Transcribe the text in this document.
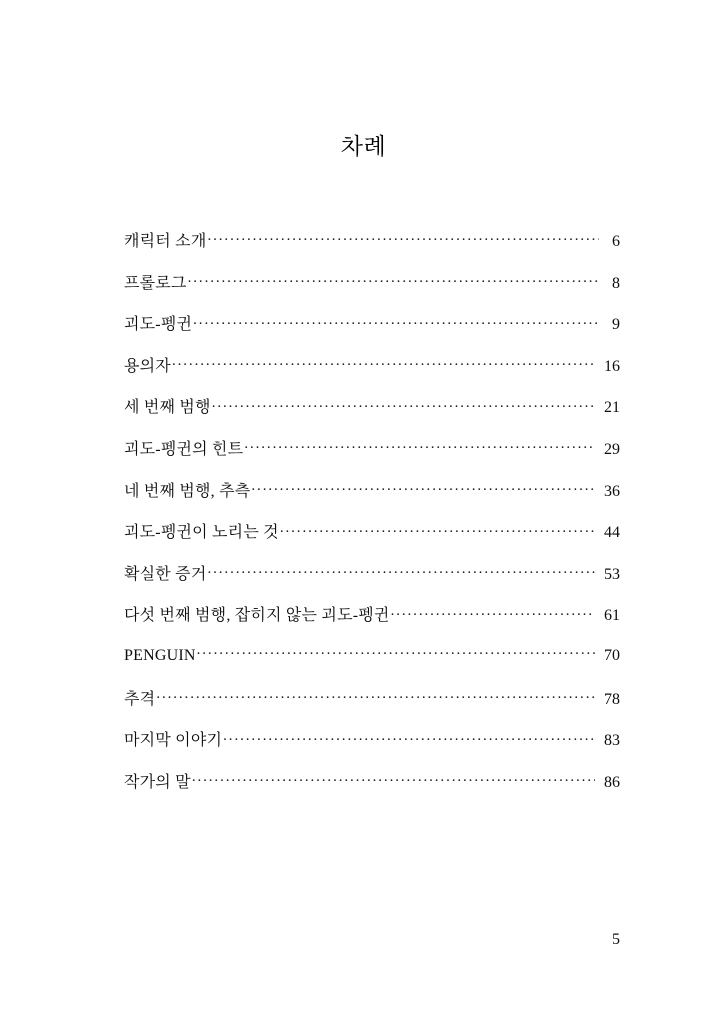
차례
캐릭터 소개 .....	6
프롤로그 .....	8
괴도-펭귄 .....	9
용의자 .....	16
세 번째 범행 .....	21
괴도-펭귄의 힌트 .....	29
네 번째 범행, 추측 .....	36
괴도-펭귄이 노리는 것 .....	44
확실한 증거 .....	53
다섯 번째 범행, 잡히지 않는 괴도-펭귄 .....	61
PENGUIN .....	70
추격 .....	78
마지막 이야기 .....	83
작가의 말 .....	86
5
